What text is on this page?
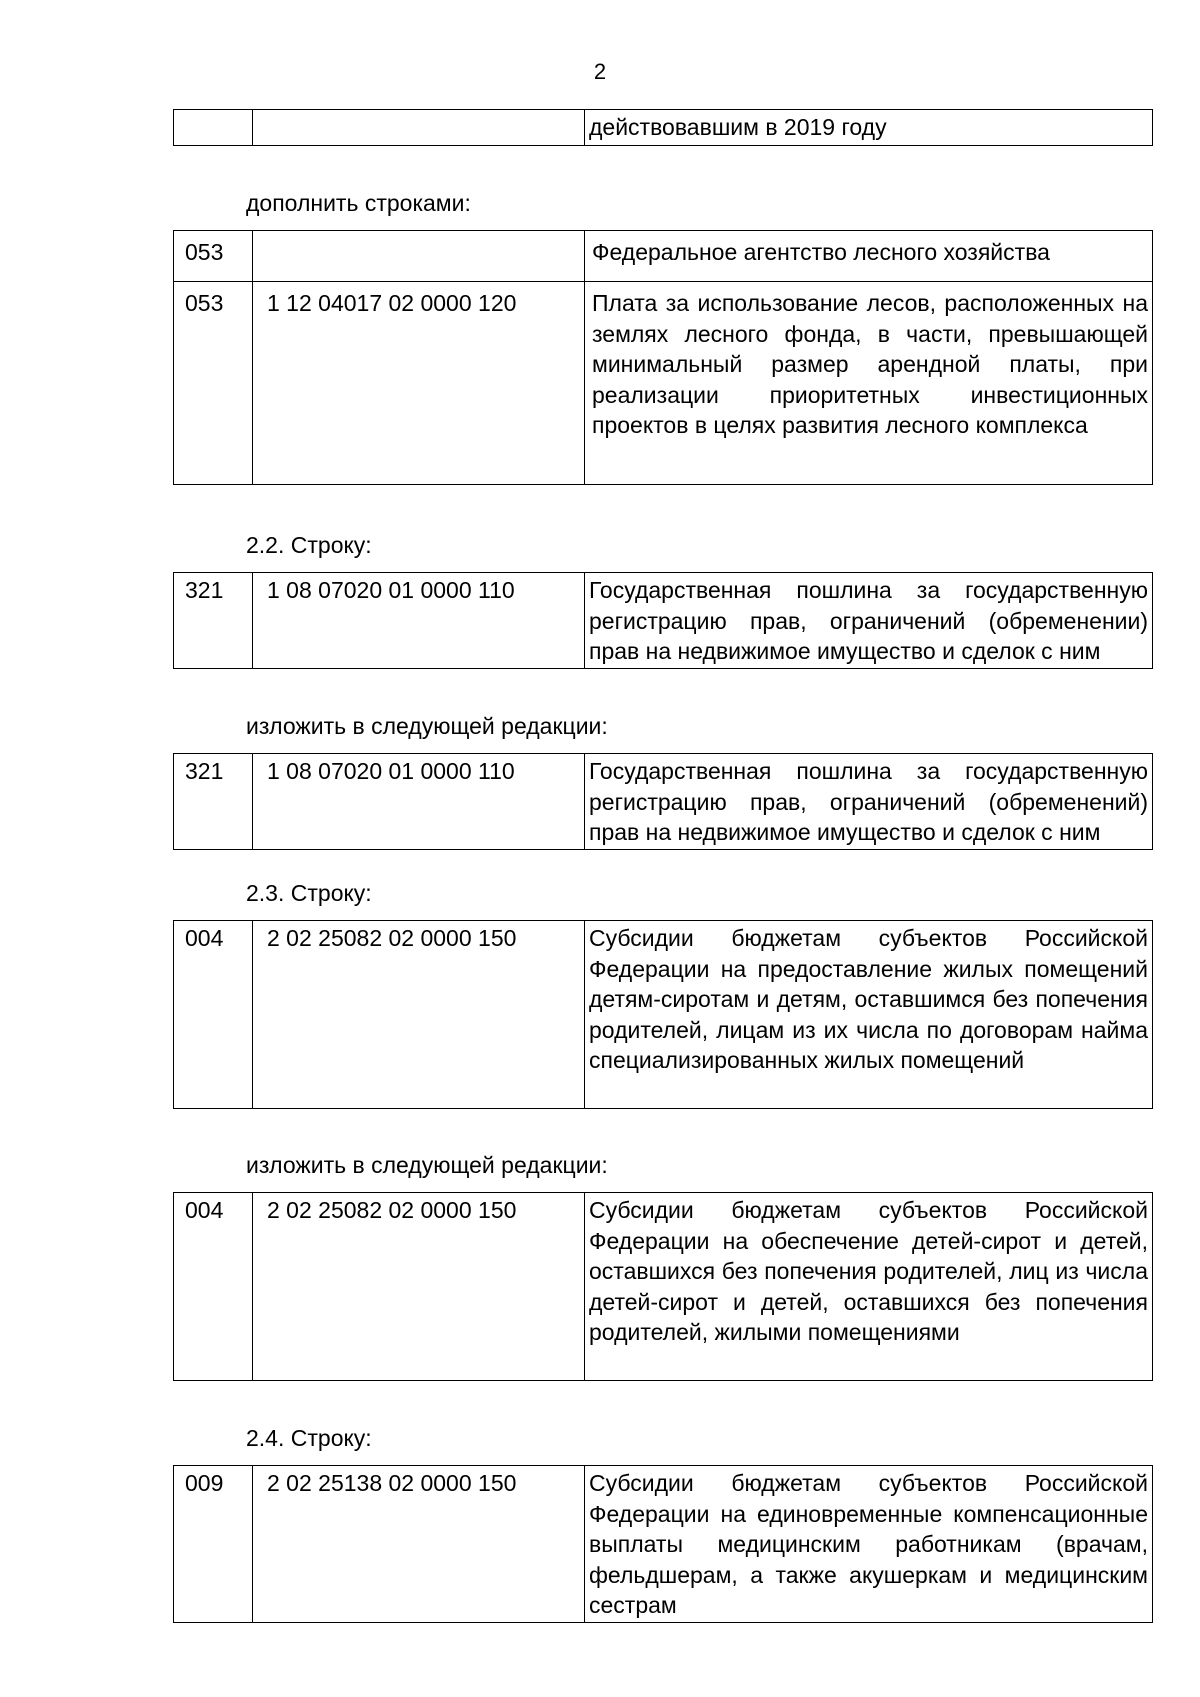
2
		действовавшим в 2019 году
дополнить строками:
053		Федеральное агентство лесного хозяйства
053	1 12 04017 02 0000 120	Плата за использование лесов, расположенных на землях лесного фонда, в части, превышающей минимальный размер арендной платы, при реализации приоритетных инвестиционных проектов в целях развития лесного комплекса
2.2. Строку:
321	1 08 07020 01 0000 110	Государственная пошлина за государственную регистрацию прав, ограничений (обременении) прав на недвижимое имущество и сделок с ним
изложить в следующей редакции:
321	1 08 07020 01 0000 110	Государственная пошлина за государственную регистрацию прав, ограничений (обременений) прав на недвижимое имущество и сделок с ним
2.3. Строку:
004	2 02 25082 02 0000 150	Субсидии бюджетам субъектов Российской Федерации на предоставление жилых помещений детям-сиротам и детям, оставшимся без попечения родителей, лицам из их числа по договорам найма специализированных жилых помещений
изложить в следующей редакции:
004	2 02 25082 02 0000 150	Субсидии бюджетам субъектов Российской Федерации на обеспечение детей-сирот и детей, оставшихся без попечения родителей, лиц из числа детей-сирот и детей, оставшихся без попечения родителей, жилыми помещениями
2.4. Строку:
009	2 02 25138 02 0000 150	Субсидии бюджетам субъектов Российской Федерации на единовременные компенсационные выплаты медицинским работникам (врачам, фельдшерам, а также акушеркам и медицинским сестрам
